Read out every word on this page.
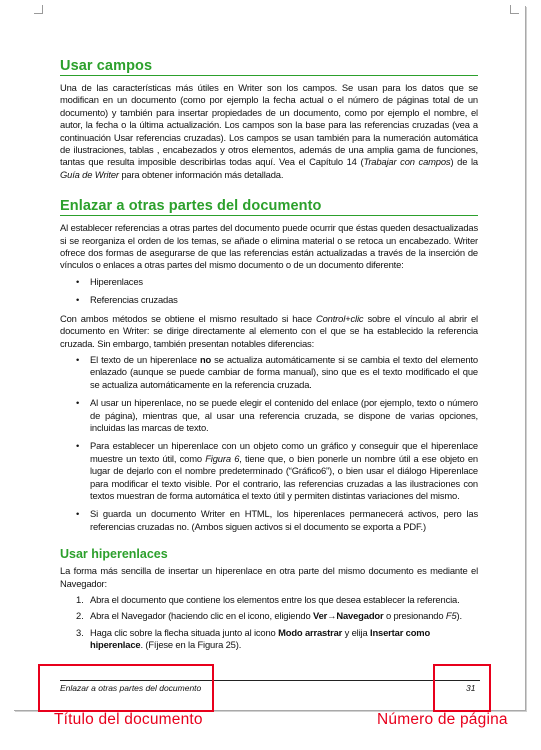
Usar campos

Una de las características más útiles en Writer son los campos. Se usan para los datos que se modifican en un documento (como por ejemplo la fecha actual o el número de páginas total de un documento) y también para insertar propiedades de un documento, como por ejemplo el nombre, el autor, la fecha o la última actualización. Los campos son la base para las referencias cruzadas (vea a continuación Usar referencias cruzadas). Los campos se usan también para la numeración automática de ilustraciones, tablas , encabezados y otros elementos, además de una amplia gama de funciones, tantas que resulta imposible describirlas todas aquí. Vea el Capítulo 14 (Trabajar con campos) de la Guía de Writer para obtener información más detallada.

Enlazar a otras partes del documento

Al establecer referencias a otras partes del documento puede ocurrir que éstas queden desactualizadas si se reorganiza el orden de los temas, se añade o elimina material o se retoca un encabezado. Writer ofrece dos formas de asegurarse de que las referencias están actualizadas a través de la inserción de vínculos o enlaces a otras partes del mismo documento o de un documento diferente:

• Hiperenlaces
• Referencias cruzadas

Con ambos métodos se obtiene el mismo resultado si hace Control+clic sobre el vínculo al abrir el documento en Writer: se dirige directamente al elemento con el que se ha establecido la referencia cruzada. Sin embargo, también presentan notables diferencias:

• El texto de un hiperenlace no se actualiza automáticamente si se cambia el texto del elemento enlazado (aunque se puede cambiar de forma manual), sino que es el texto modificado el que se actualiza automáticamente en la referencia cruzada.
• Al usar un hiperenlace, no se puede elegir el contenido del enlace (por ejemplo, texto o número de página), mientras que, al usar una referencia cruzada, se dispone de varias opciones, incluidas las marcas de texto.
• Para establecer un hiperenlace con un objeto como un gráfico y conseguir que el hiperenlace muestre un texto útil, como Figura 6, tiene que, o bien ponerle un nombre útil a ese objeto en lugar de dejarlo con el nombre predeterminado (“Gráfico6”), o bien usar el diálogo Hiperenlace para modificar el texto visible. Por el contrario, las referencias cruzadas a las ilustraciones con textos muestran de forma automática el texto útil y permiten distintas variaciones del mismo.
• Si guarda un documento Writer en HTML, los hiperenlaces permanecerá activos, pero las referencias cruzadas no. (Ambos siguen activos si el documento se exporta a PDF.)
Usar hiperenlaces

La forma más sencilla de insertar un hiperenlace en otra parte del mismo documento es mediante el Navegador:

1. Abra el documento que contiene los elementos entre los que desea establecer la referencia.
2. Abra el Navegador (haciendo clic en el icono, eligiendo Ver→Navegador o presionando F5).
3. Haga clic sobre la flecha situada junto al icono Modo arrastrar y elija Insertar como hiperenlace. (Fíjese en la Figura 25).
Enlazar a otras partes del documento	31
Título del documento	Número de página
